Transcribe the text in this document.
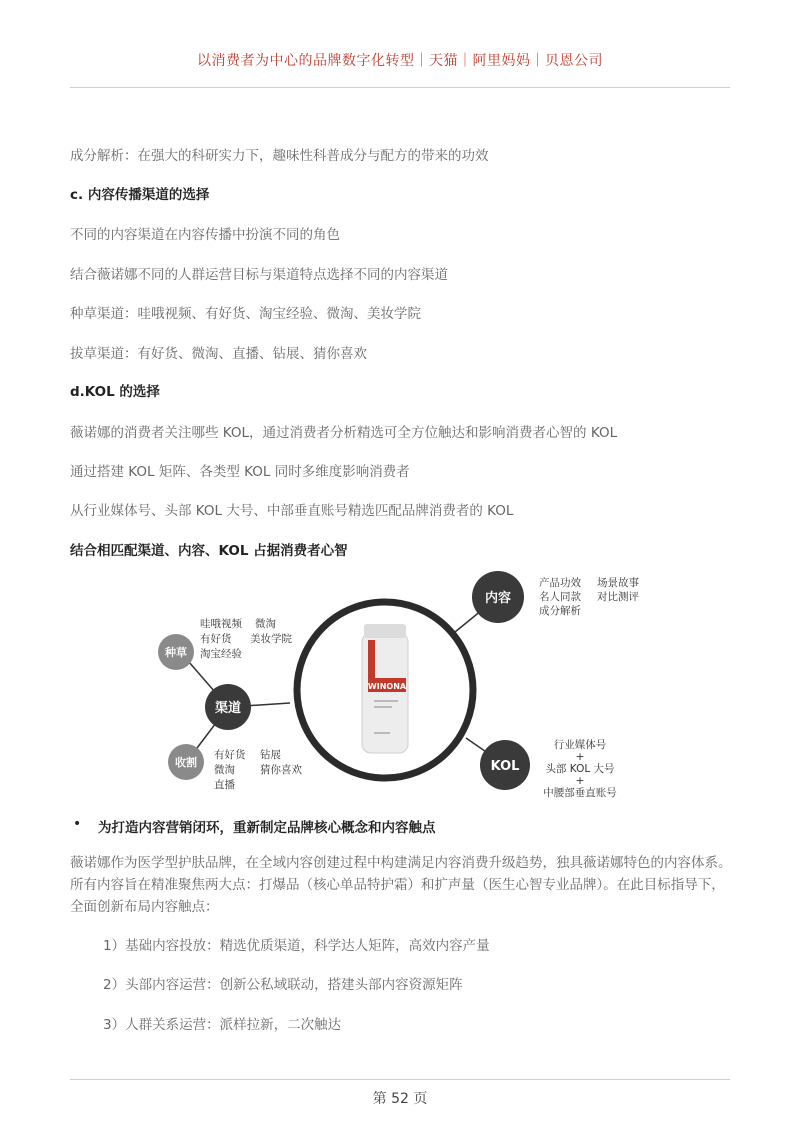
以消费者为中心的品牌数字化转型｜天猫｜阿里妈妈｜贝恩公司
成分解析：在强大的科研实力下，趣味性科普成分与配方的带来的功效
c. 内容传播渠道的选择
不同的内容渠道在内容传播中扮演不同的角色
结合薇诺娜不同的人群运营目标与渠道特点选择不同的内容渠道
种草渠道：哇哦视频、有好货、淘宝经验、微淘、美妆学院
拔草渠道：有好货、微淘、直播、钻展、猜你喜欢
d.KOL 的选择
薇诺娜的消费者关注哪些 KOL，通过消费者分析精选可全方位触达和影响消费者心智的 KOL
通过搭建 KOL 矩阵、各类型 KOL 同时多维度影响消费者
从行业媒体号、头部 KOL 大号、中部垂直账号精选匹配品牌消费者的 KOL
结合相匹配渠道、内容、KOL 占据消费者心智
WINONA
内容
渠道
种草
收割	KOL
产品功效 场景故事
名人同款 对比测评
成分解析
哇哦视频 微淘
有好货 美妆学院
淘宝经验
有好货 钻展
微淘 猜你喜欢
直播
行业媒体号
+
头部 KOL 大号
+
中腰部垂直账号
• 为打造内容营销闭环，重新制定品牌核心概念和内容触点
薇诺娜作为医学型护肤品牌，在全域内容创建过程中构建满足内容消费升级趋势，独具薇诺娜特色的内容体系。所有内容旨在精准聚焦两大点：打爆品（核心单品特护霜）和扩声量（医生心智专业品牌）。在此目标指导下，全面创新布局内容触点：
1）基础内容投放：精选优质渠道，科学达人矩阵，高效内容产量
2）头部内容运营：创新公私域联动，搭建头部内容资源矩阵
3）人群关系运营：派样拉新，二次触达
第 52 页
